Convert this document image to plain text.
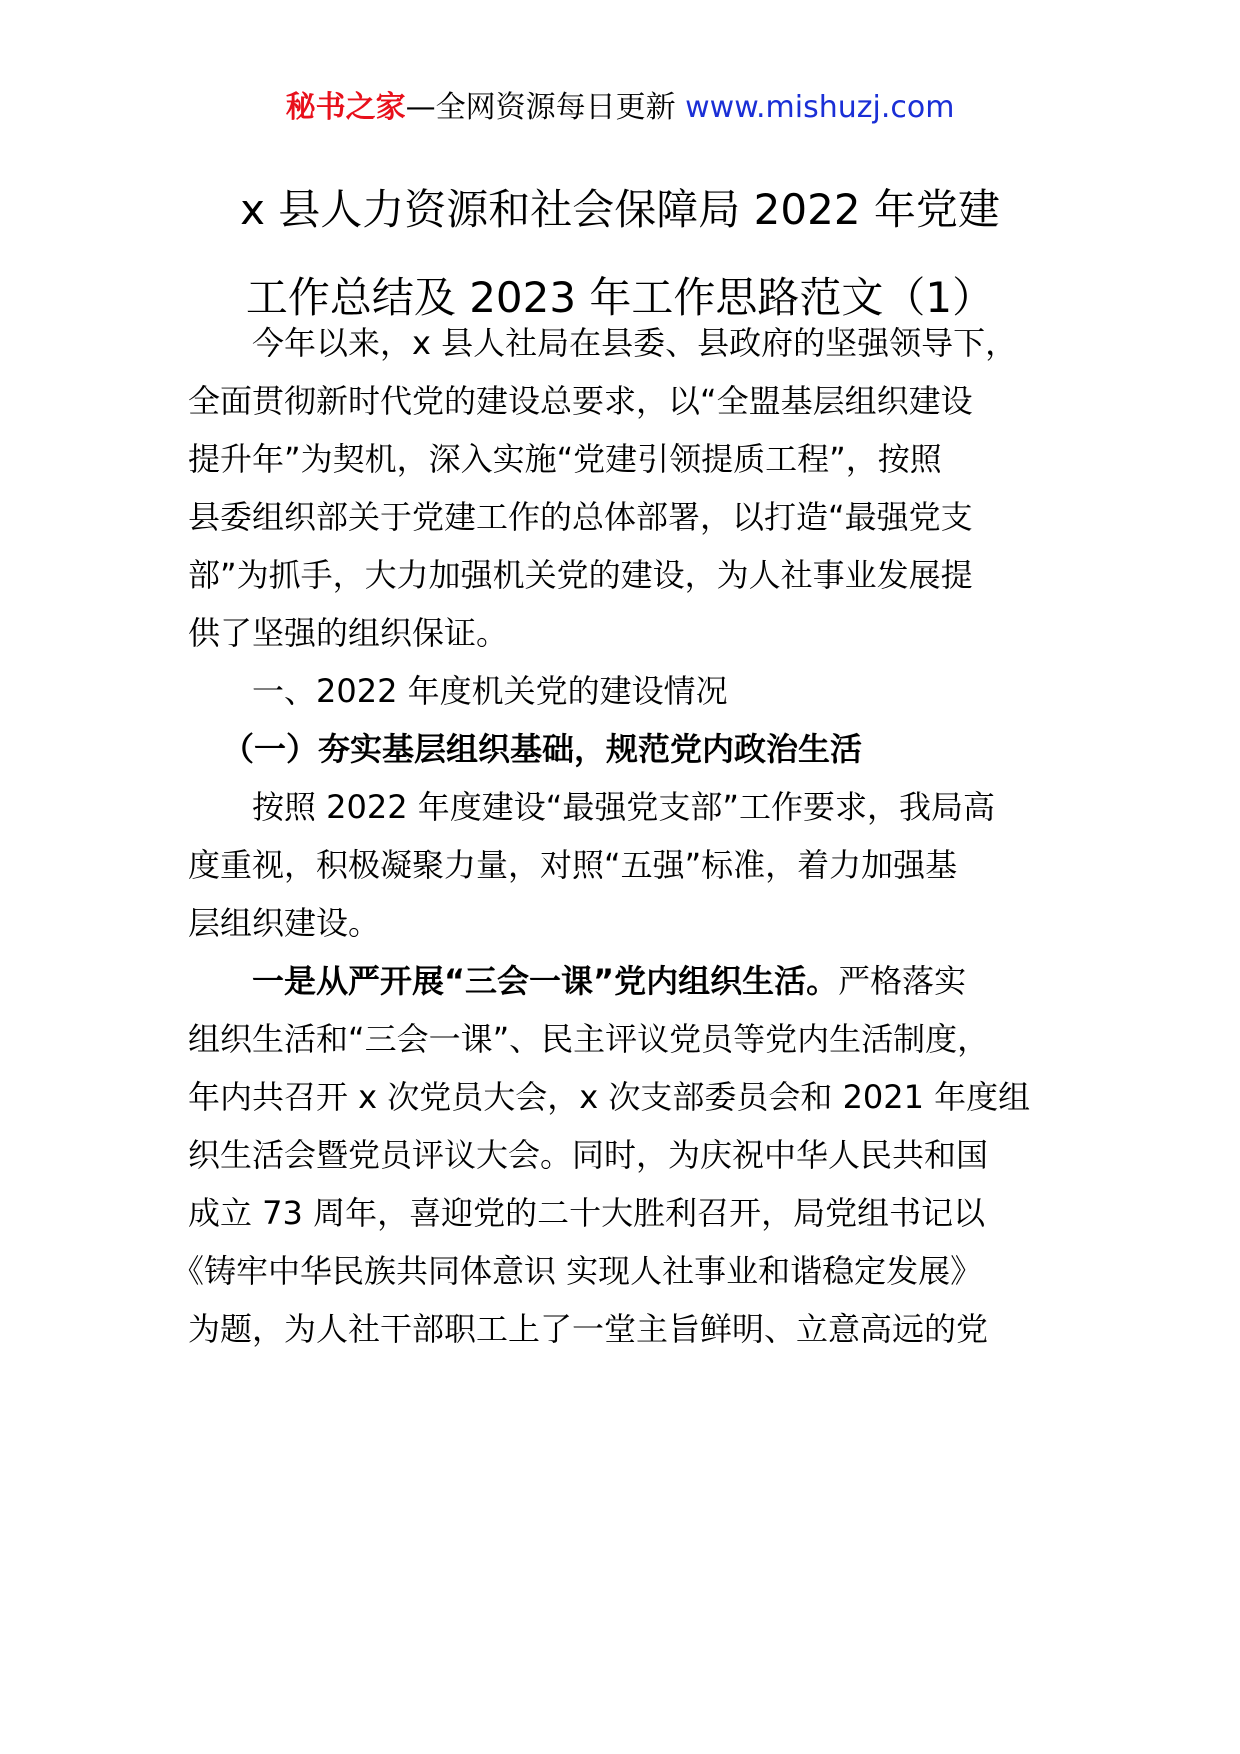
秘书之家—全网资源每日更新 www.mishuzj.com
x 县人力资源和社会保障局 2022 年党建
工作总结及 2023 年工作思路范文（1）
今年以来，x 县人社局在县委、县政府的坚强领导下，
全面贯彻新时代党的建设总要求，以“全盟基层组织建设
提升年”为契机，深入实施“党建引领提质工程”，按照
县委组织部关于党建工作的总体部署，以打造“最强党支
部”为抓手，大力加强机关党的建设，为人社事业发展提
供了坚强的组织保证。
一、2022 年度机关党的建设情况
（一）夯实基层组织基础，规范党内政治生活
按照 2022 年度建设“最强党支部”工作要求，我局高
度重视，积极凝聚力量，对照“五强”标准，着力加强基
层组织建设。
一是从严开展“三会一课”党内组织生活。严格落实
组织生活和“三会一课”、民主评议党员等党内生活制度，
年内共召开 x 次党员大会，x 次支部委员会和 2021 年度组
织生活会暨党员评议大会。同时，为庆祝中华人民共和国
成立 73 周年，喜迎党的二十大胜利召开，局党组书记以
《铸牢中华民族共同体意识 实现人社事业和谐稳定发展》
为题，为人社干部职工上了一堂主旨鲜明、立意高远的党
